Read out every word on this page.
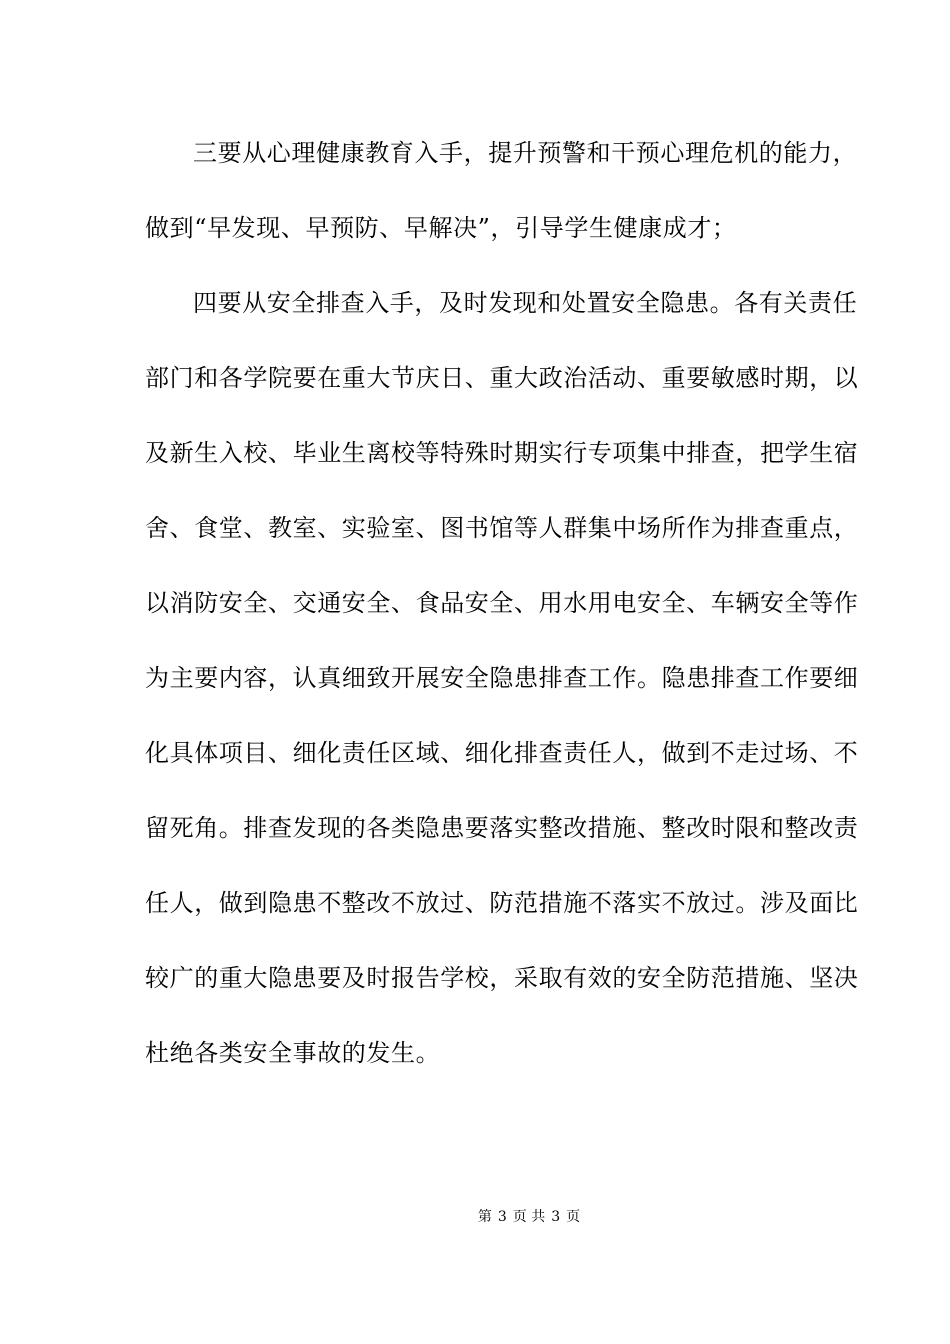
三要从心理健康教育入手，提升预警和干预心理危机的能力，
做到“早发现、早预防、早解决”，引导学生健康成才；
四要从安全排查入手，及时发现和处置安全隐患。各有关责任
部门和各学院要在重大节庆日、重大政治活动、重要敏感时期，以
及新生入校、毕业生离校等特殊时期实行专项集中排查，把学生宿
舍、食堂、教室、实验室、图书馆等人群集中场所作为排查重点，
以消防安全、交通安全、食品安全、用水用电安全、车辆安全等作
为主要内容，认真细致开展安全隐患排查工作。隐患排查工作要细
化具体项目、细化责任区域、细化排查责任人，做到不走过场、不
留死角。排查发现的各类隐患要落实整改措施、整改时限和整改责
任人，做到隐患不整改不放过、防范措施不落实不放过。涉及面比
较广的重大隐患要及时报告学校，采取有效的安全防范措施、坚决
杜绝各类安全事故的发生。
第 3 页 共 3 页
